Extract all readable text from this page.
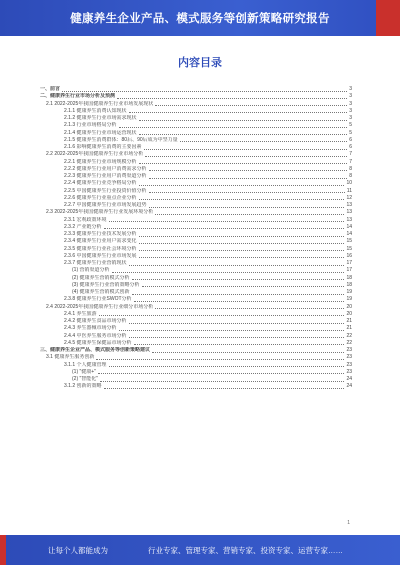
健康养生企业产品、模式服务等创新策略研究报告
内容目录
一、前言	3
二、健康养生行业市场分析及预测	3
2.1 2022-2025年我国健康养生行业市场发展现状	3
2.1.1 健康养生消费认知现状	3
2.1.2 健康养生行业市场需求现状	3
2.1.3 行业市场格局分析	5
2.1.4 健康养生行业市场运营现状	5
2.1.5 健康养生消费群体：80后、90后成为中坚力量	6
2.1.6 影响健康养生消费的主要因素	6
2.2 2022-2025年我国健康养生行业市场分析	7
2.2.1 健康养生行业市场规模分析	7
2.2.2 健康养生行业用户消费需求分析	8
2.2.3 健康养生行业用户消费渠道分析	8
2.2.4 健康养生行业竞争格局分析	10
2.2.5 中国健康养生行业投资价值分析	11
2.2.6 健康养生行业重点企业分析	12
2.2.7 中国健康养生行业市场发展趋势	13
2.3 2022-2025年我国健康养生行业发展环境分析	13
2.3.1 宏观政策环境	13
2.3.2 产业链分析	14
2.3.3 健康养生行业技术发展分析	14
2.3.4 健康养生行业用户需求变化	15
2.3.5 健康养生行业社会环境分析	15
2.3.6 中国健康养生行业市场发展	16
2.3.7 健康养生行业营销现状	17
(1) 营销渠道分析	17
(2) 健康养生营销模式分析	18
(3) 健康养生行业营销策略分析	18
(4) 健康养生营销模式创新	19
2.3.8 健康养生行业SWOT分析	19
2.4 2022-2025年我国健康养生行业细分市场分析	20
2.4.1 养生旅游	20
2.4.2 健康养生食品市场分析	21
2.4.3 养生器械市场分析	21
2.4.4 中医养生服务市场分析	22
2.4.5 健康养生保健品市场分析	22
三、健康养生企业产品、模式服务等创新策略建议	23
3.1 健康养生服务创新	23
3.1.1 个人健康管理	23
(1) "健康+"	23
(2) "智能化"	24
3.1.2 创新的策略	24
1
让每个人都能成为	行业专家、管理专家、营销专家、投资专家、运营专家……
